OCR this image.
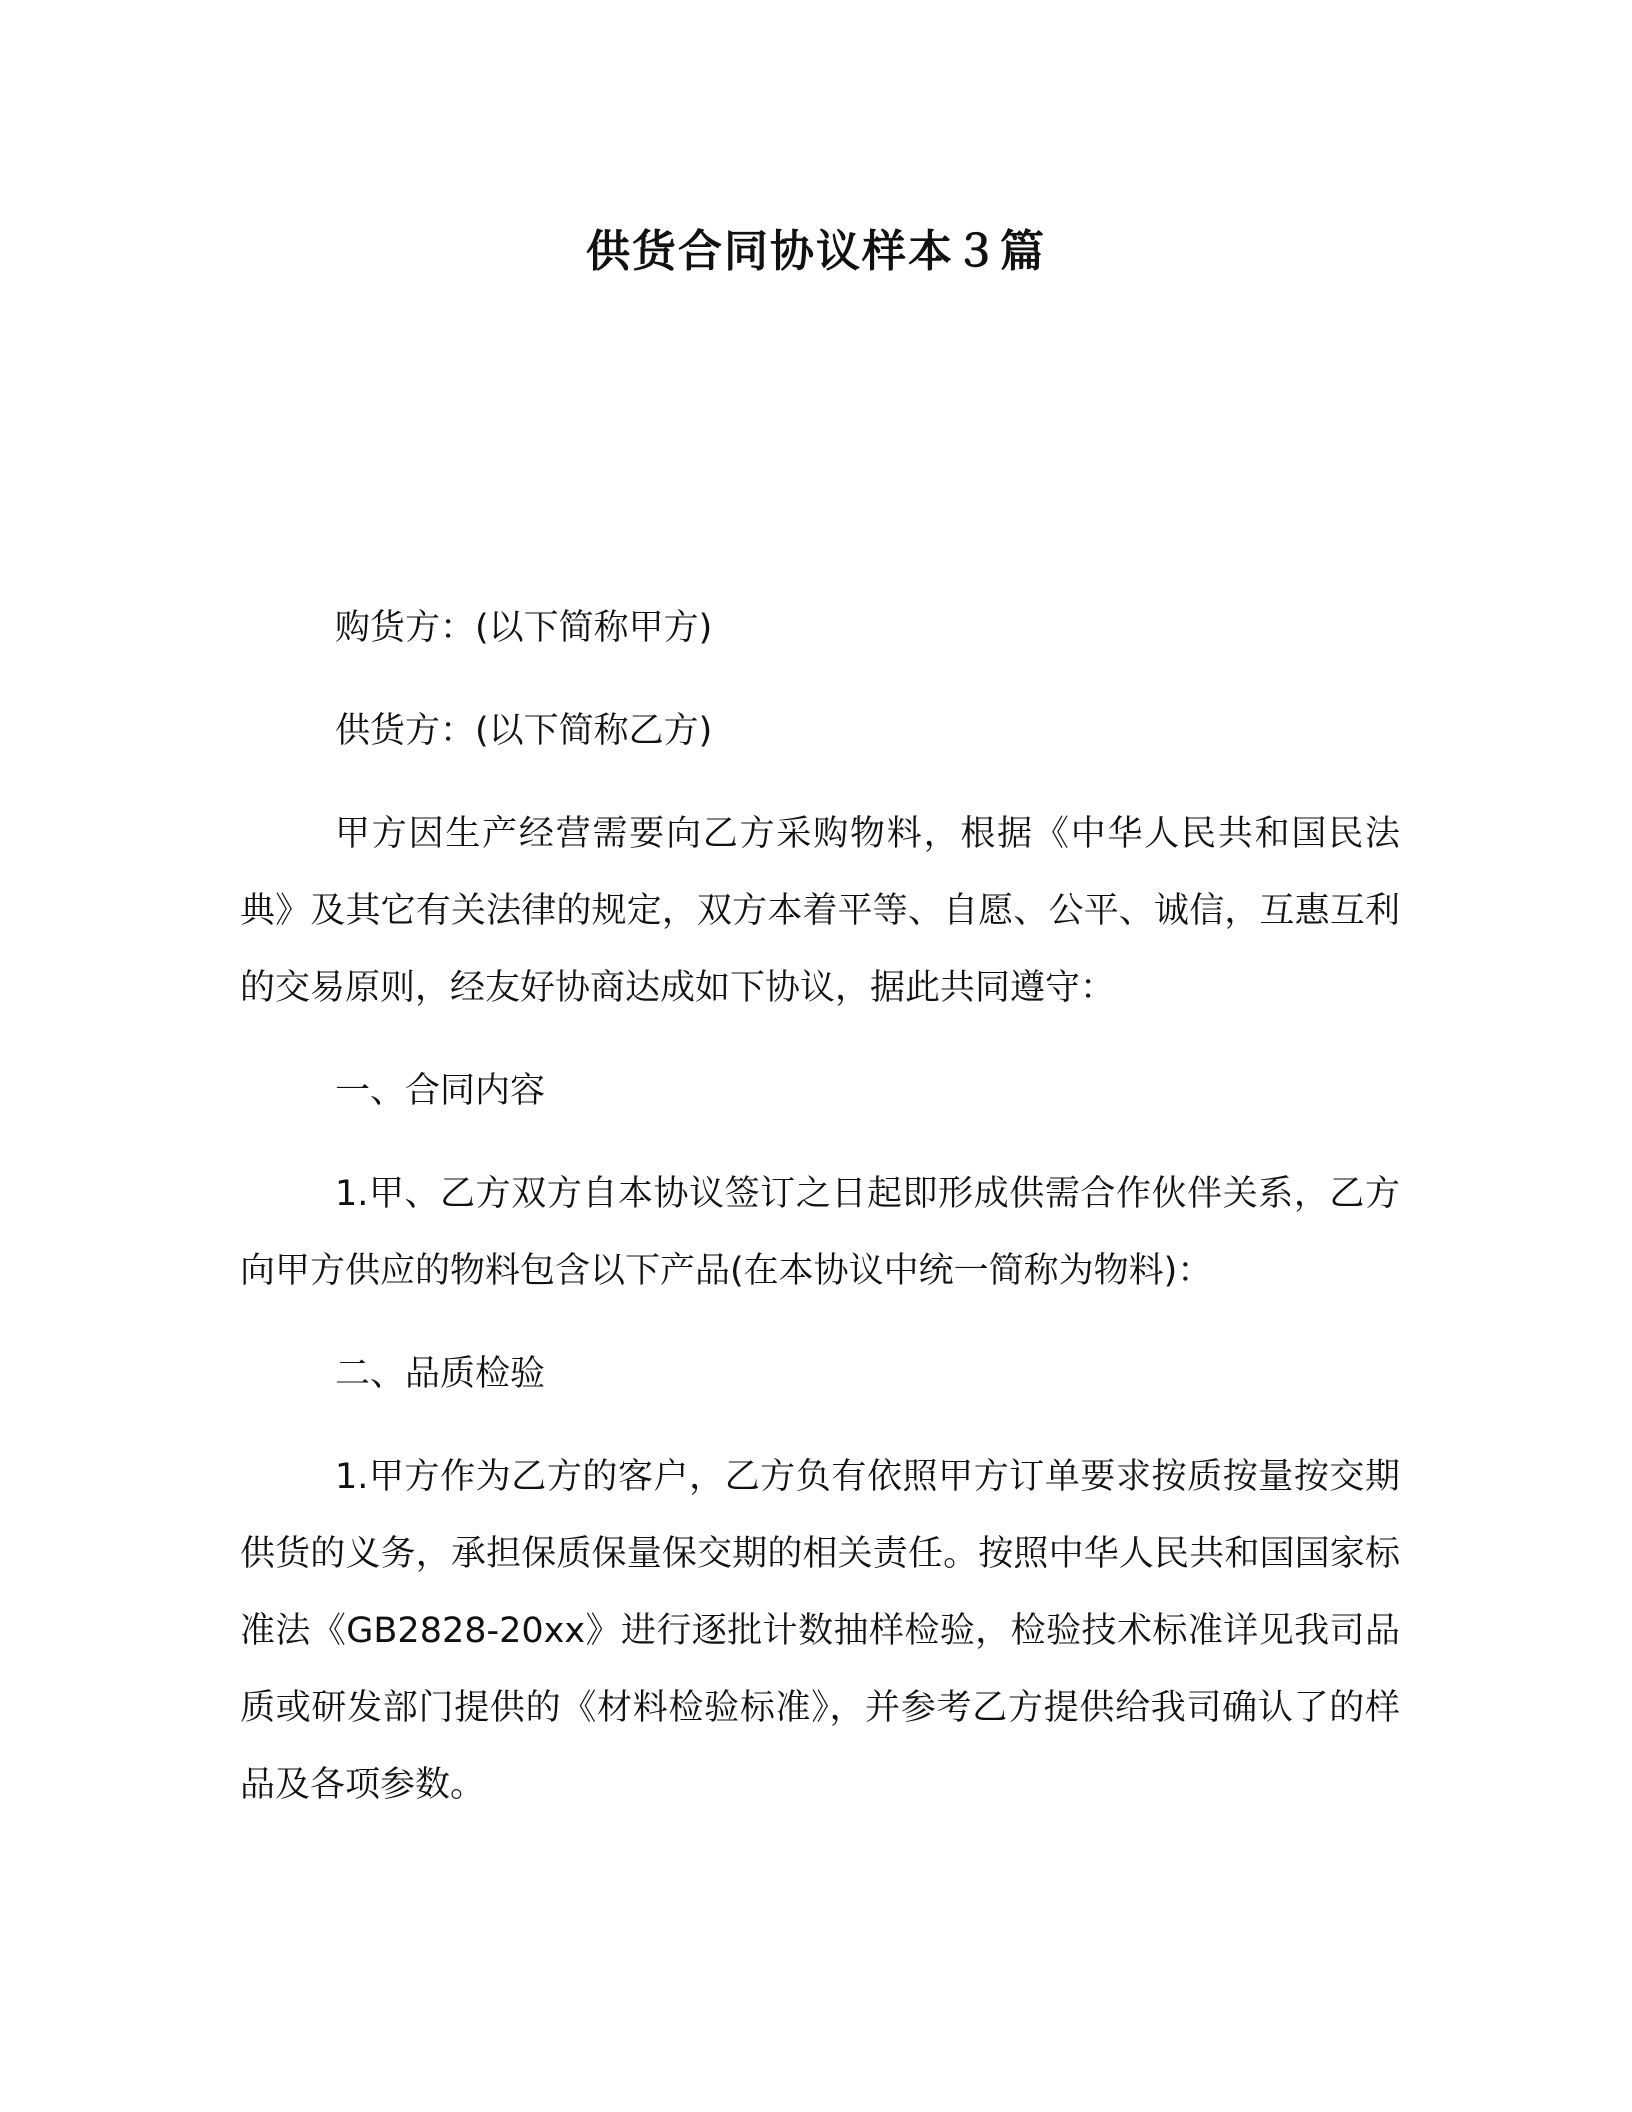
供货合同协议样本３篇

购货方：(以下简称甲方)

供货方：(以下简称乙方)

甲方因生产经营需要向乙方采购物料，根据《中华人民共和国民法典》及其它有关法律的规定，双方本着平等、自愿、公平、诚信，互惠互利的交易原则，经友好协商达成如下协议，据此共同遵守：

一、合同内容

1.甲、乙方双方自本协议签订之日起即形成供需合作伙伴关系，乙方向甲方供应的物料包含以下产品(在本协议中统一简称为物料)：

二、品质检验

1.甲方作为乙方的客户，乙方负有依照甲方订单要求按质按量按交期供货的义务，承担保质保量保交期的相关责任。按照中华人民共和国国家标准法《GB2828-20xx》进行逐批计数抽样检验，检验技术标准详见我司品质或研发部门提供的《材料检验标准》，并参考乙方提供给我司确认了的样品及各项参数。
